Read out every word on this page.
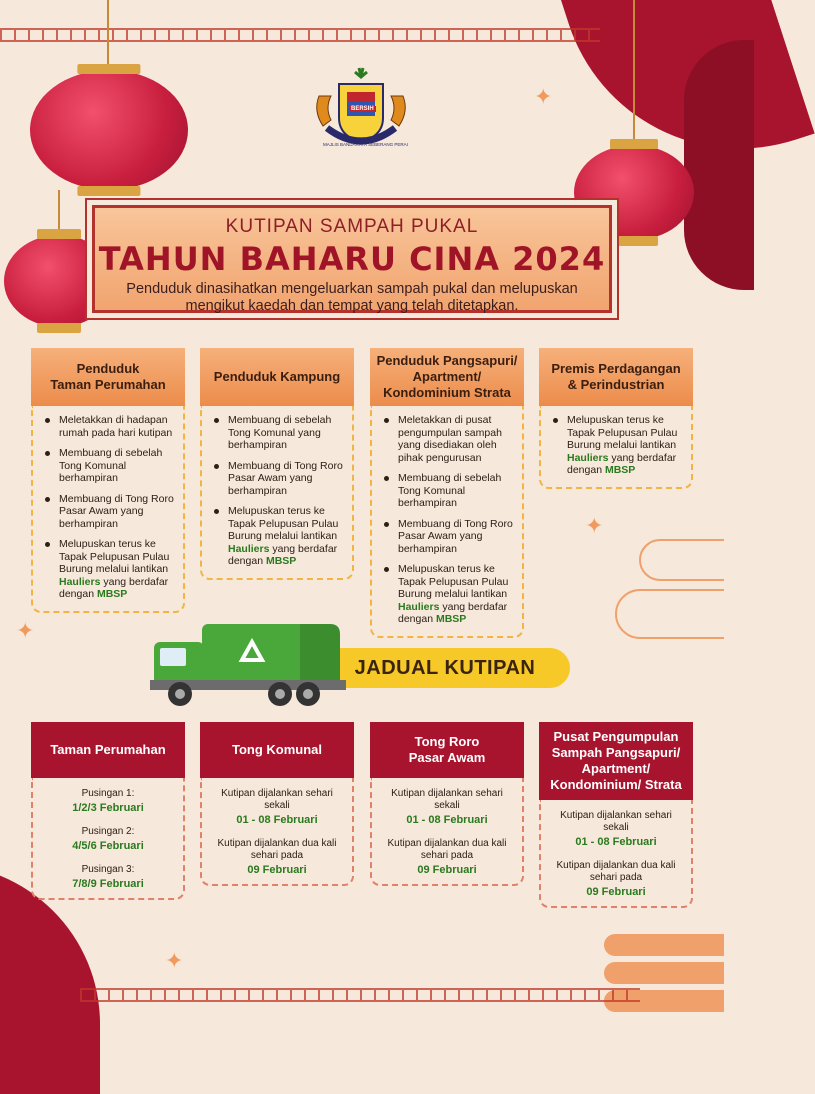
✦
✦
✦
✦
BERSIH
MAJLIS BANDARAYA SEBERANG PERAI
KUTIPAN SAMPAH PUKAL
TAHUN BAHARU CINA 2024
Penduduk dinasihatkan mengeluarkan sampah pukal dan melupuskan
mengikut kaedah dan tempat yang telah ditetapkan.
Penduduk
Taman Perumahan
Meletakkan di hadapan rumah pada hari kutipan
Membuang di sebelah Tong Komunal berhampiran
Membuang di Tong Roro Pasar Awam yang berhampiran
Melupuskan terus ke Tapak Pelupusan Pulau Burung melalui lantikan Hauliers yang berdafar dengan MBSP
Penduduk Kampung
Membuang di sebelah Tong Komunal yang berhampiran
Membuang di Tong Roro Pasar Awam yang berhampiran
Melupuskan terus ke Tapak Pelupusan Pulau Burung melalui lantikan Hauliers yang berdafar dengan MBSP
Penduduk Pangsapuri/
Apartment/
Kondominium Strata
Meletakkan di pusat pengumpulan sampah yang disediakan oleh pihak pengurusan
Membuang di sebelah Tong Komunal berhampiran
Membuang di Tong Roro Pasar Awam yang berhampiran
Melupuskan terus ke Tapak Pelupusan Pulau Burung melalui lantikan Hauliers yang berdafar dengan MBSP
Premis Perdagangan
& Perindustrian
Melupuskan terus ke Tapak Pelupusan Pulau Burung melalui lantikan Hauliers yang berdafar dengan MBSP
JADUAL KUTIPAN
Taman Perumahan
Pusingan 1:
1/2/3 Februari
Pusingan 2:
4/5/6 Februari
Pusingan 3:
7/8/9 Februari
Tong Komunal
Kutipan dijalankan sehari sekali
01 - 08 Februari
Kutipan dijalankan dua kali sehari pada
09 Februari
Tong Roro
Pasar Awam
Kutipan dijalankan sehari sekali
01 - 08 Februari
Kutipan dijalankan dua kali sehari pada
09 Februari
Pusat Pengumpulan
Sampah Pangsapuri/
Apartment/
Kondominium/ Strata
Kutipan dijalankan sehari sekali
01 - 08 Februari
Kutipan dijalankan dua kali sehari pada
09 Februari
